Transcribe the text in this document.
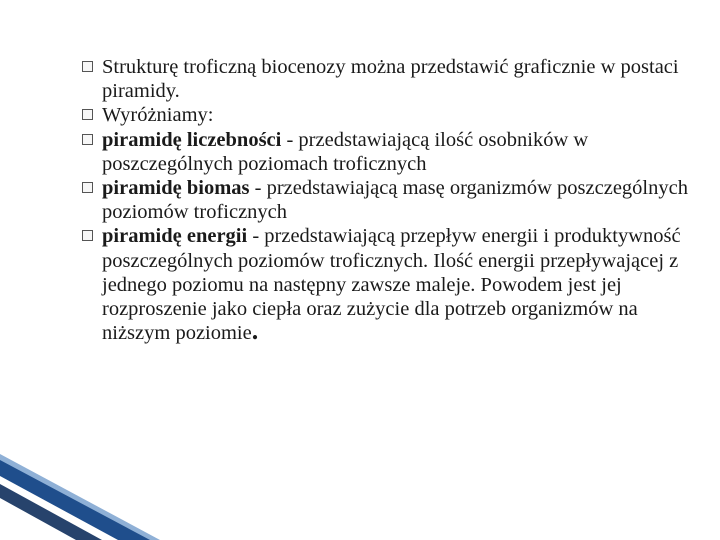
Strukturę troficzną biocenozy można przedstawić graficznie w postaci piramidy.
Wyróżniamy:
piramidę liczebności - przedstawiającą ilość osobników w poszczególnych poziomach troficznych
piramidę biomas - przedstawiającą masę organizmów poszczególnych poziomów troficznych
piramidę energii - przedstawiającą przepływ energii i produktywność poszczególnych poziomów troficznych. Ilość energii przepływającej z jednego poziomu na następny zawsze maleje. Powodem jest jej rozproszenie jako ciepła oraz zużycie dla potrzeb organizmów na niższym poziomie.
